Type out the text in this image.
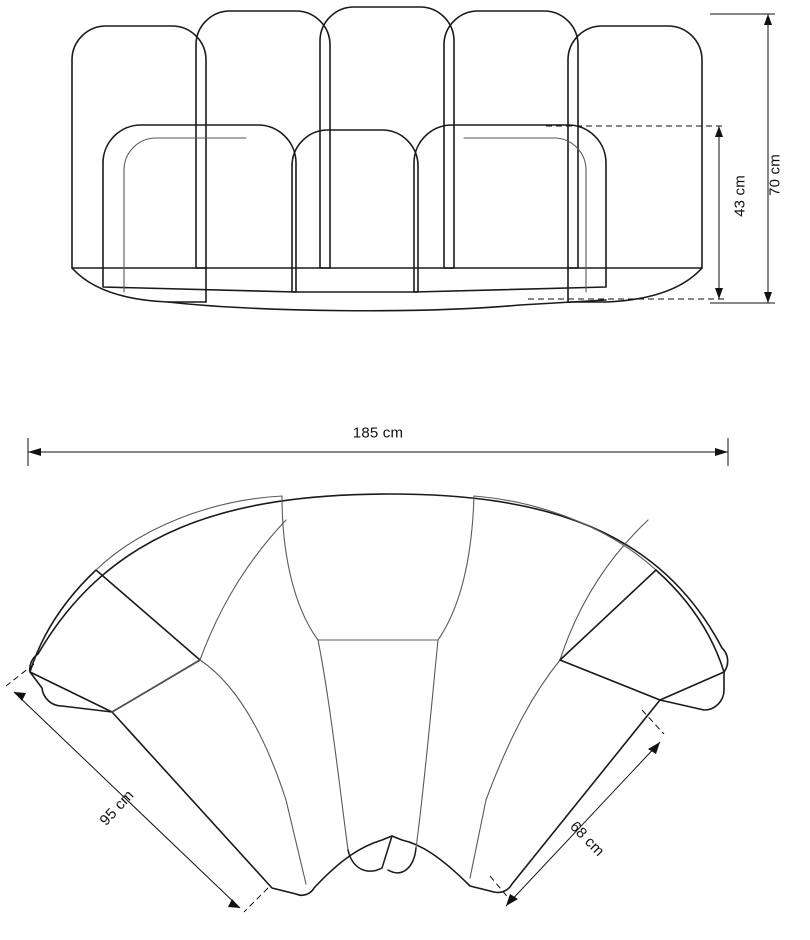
70 cm
43 cm
185 cm
95 cm
68 cm
